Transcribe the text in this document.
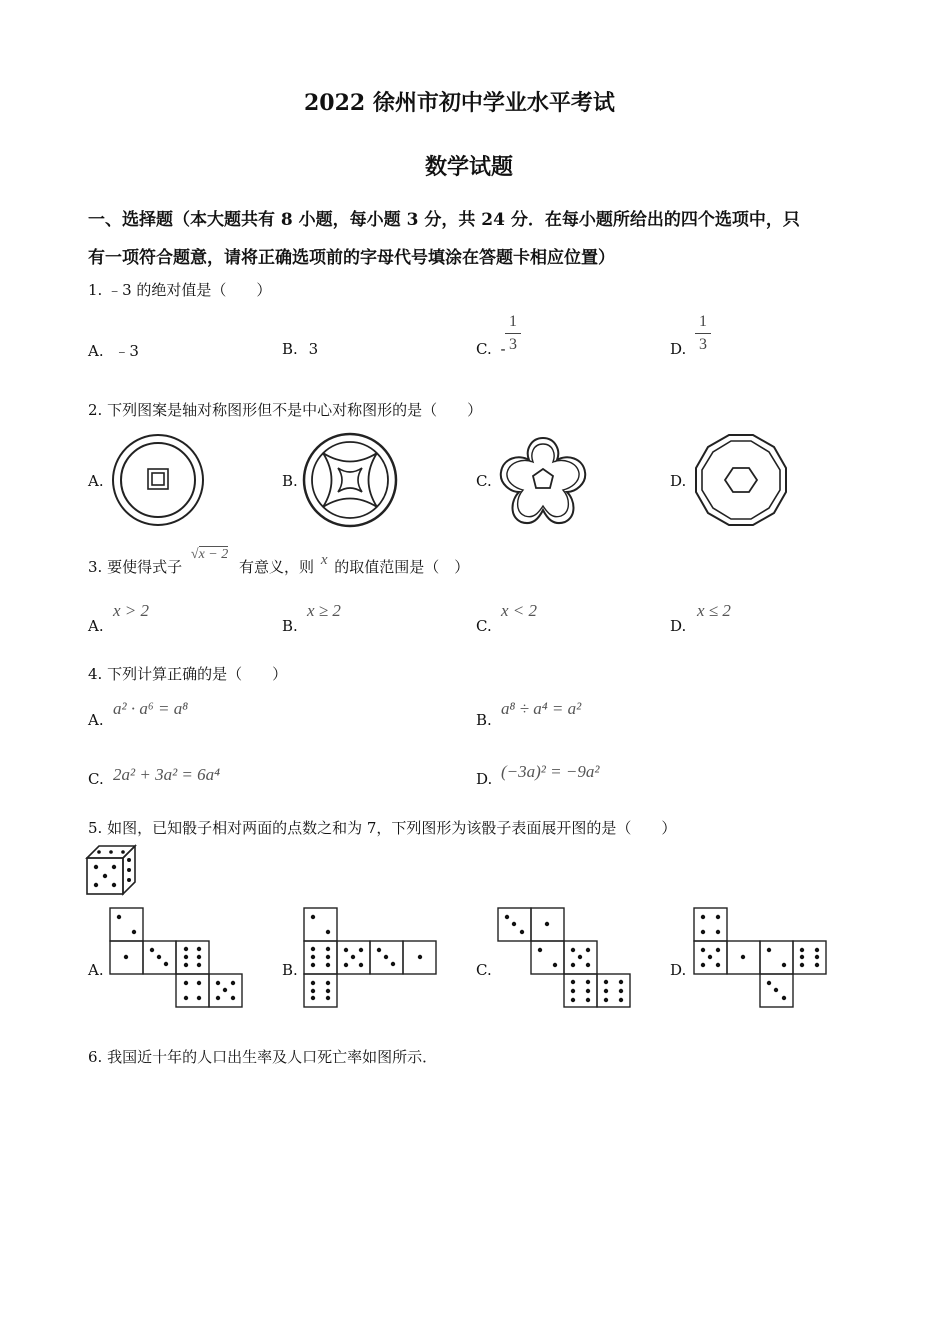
2022 徐州市初中学业水平考试
数学试题
一、选择题（本大题共有 8 小题，每小题 3 分，共 24 分．在每小题所给出的四个选项中，只
有一项符合题意，请将正确选项前的字母代号填涂在答题卡相应位置）
1. ﹣3 的绝对值是（　　）
A. ﹣3	B. 3	C. -
1
3	D.
1
3
2. 下列图案是轴对称图形但不是中心对称图形的是（　　）
A.	B.	C.	D.
3. 要使得式子 √x − 2 有意义，则 x 的取值范围是（　）
A.
x > 2
B.
x ≥ 2
C.
x < 2
D.
x ≤ 2
4. 下列计算正确的是（　　）
A.
a² · a⁶ = a⁸
B.
a⁸ ÷ a⁴ = a²
C. 2a² + 3a² = 6a⁴	D. (−3a)² = −9a²
5. 如图，已知骰子相对两面的点数之和为 7，下列图形为该骰子表面展开图的是（　　）
A.	B.	C.	D.
6. 我国近十年的人口出生率及人口死亡率如图所示．
